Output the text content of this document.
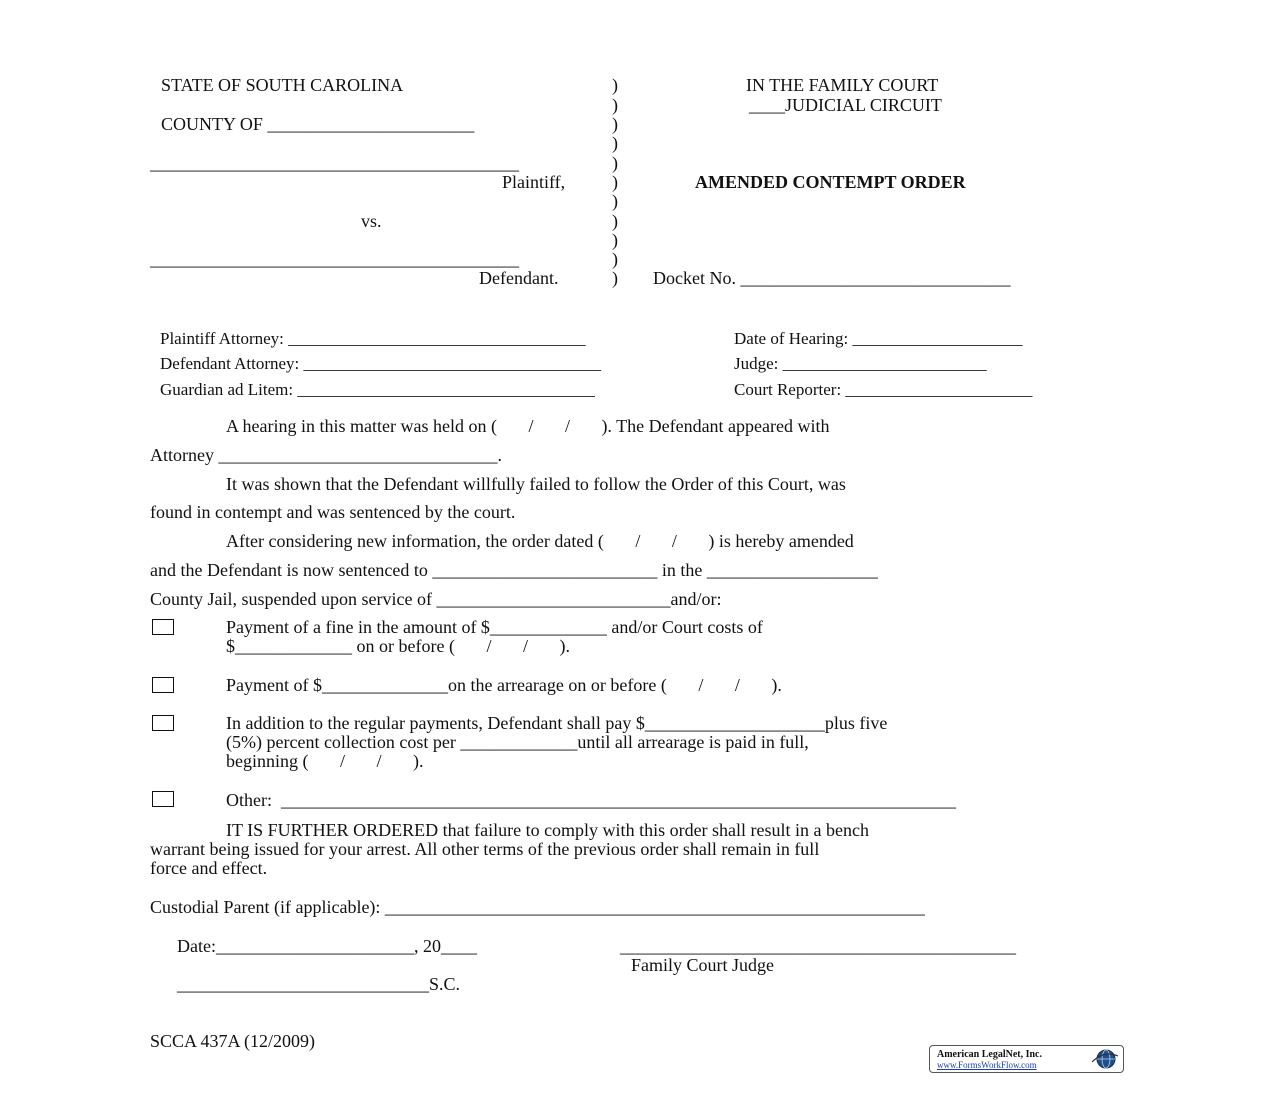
STATE OF SOUTH CAROLINA
COUNTY OF _______________________
_________________________________________
Plaintiff,
vs.
_________________________________________
Defendant.
)
)
)
)
)
)
)
)
)
)
)
IN THE FAMILY COURT
____JUDICIAL CIRCUIT
AMENDED CONTEMPT ORDER
Docket No. ______________________________
Plaintiff Attorney: ___________________________________
Defendant Attorney: ___________________________________
Guardian ad Litem: ___________________________________
Date of Hearing: ____________________
Judge: ________________________
Court Reporter: ______________________
A hearing in this matter was held on (       /       /       ). The Defendant appeared with
Attorney _______________________________.
It was shown that the Defendant willfully failed to follow the Order of this Court, was
found in contempt and was sentenced by the court.
After considering new information, the order dated (       /       /       ) is hereby amended
and the Defendant is now sentenced to _________________________ in the ___________________
County Jail, suspended upon service of __________________________and/or:
Payment of a fine in the amount of $_____________ and/or Court costs of
$_____________ on or before (       /       /       ).
Payment of $______________on the arrearage on or before (       /       /       ).
In addition to the regular payments, Defendant shall pay $____________________plus five
(5%) percent collection cost per _____________until all arrearage is paid in full,
beginning (       /       /       ).
Other:  ___________________________________________________________________________
IT IS FURTHER ORDERED that failure to comply with this order shall result in a bench
warrant being issued for your arrest. All other terms of the previous order shall remain in full
force and effect.
Custodial Parent (if applicable): ____________________________________________________________
Date:______________________, 20____	____________________________________________
Family Court Judge
____________________________S.C.
SCCA 437A (12/2009)
American LegalNet, Inc.
www.FormsWorkFlow.com
